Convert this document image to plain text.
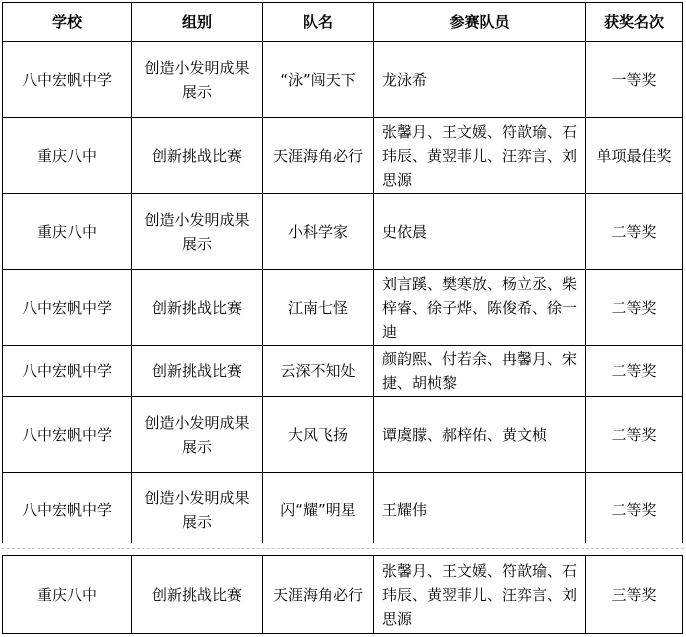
学校	组别	队名	参赛队员	获奖名次
八中宏帆中学	创造小发明成果展示	“泳”闯天下	龙泳希	一等奖
重庆八中	创新挑战比赛	天涯海角必行	张馨月、王文媛、符歆瑜、石玮辰、黄翌菲儿、汪弈言、刘思源	单项最佳奖
重庆八中	创造小发明成果展示	小科学家	史依晨	二等奖
八中宏帆中学	创新挑战比赛	江南七怪	刘言蹊、樊寒放、杨立丞、柴梓睿、徐子烨、陈俊希、徐一迪	二等奖
八中宏帆中学	创新挑战比赛	云深不知处	颜韵熙、付若余、冉馨月、宋捷、胡桢黎	二等奖
八中宏帆中学	创造小发明成果展示	大风飞扬	谭虞朦、郝梓佑、黄文桢	二等奖
八中宏帆中学	创造小发明成果展示	闪“耀”明星	王耀伟	二等奖
重庆八中	创新挑战比赛	天涯海角必行	张馨月、王文媛、符歆瑜、石玮辰、黄翌菲儿、汪弈言、刘思源	三等奖
